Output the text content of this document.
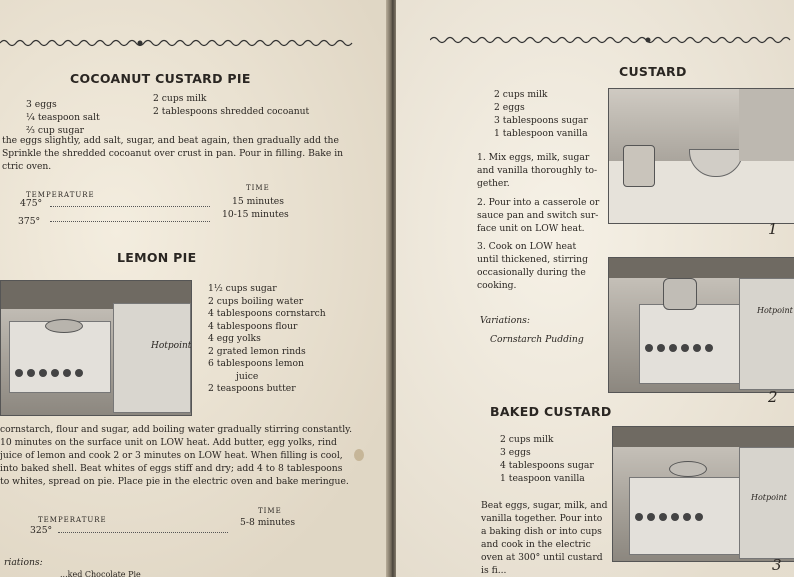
COCOANUT CUSTARD PIE
3 eggs
¼ teaspoon salt
⅔ cup sugar
2 cups milk
2 tablespoons shredded cocoanut
the eggs slightly, add salt, sugar, and beat again, then gradually add the
Sprinkle the shredded cocoanut over crust in pan. Pour in filling. Bake in
ctric oven.
TEMPERATURE
TIME
475°	15 minutes
375°
10-15 minutes
LEMON PIE
Hotpoint
1½ cups sugar
2 cups boiling water
4 tablespoons cornstarch
4 tablespoons flour
4 egg yolks
2 grated lemon rinds
6 tablespoons lemon
juice
2 teaspoons butter
cornstarch, flour and sugar, add boiling water gradually stirring constantly.
10 minutes on the surface unit on LOW heat. Add butter, egg yolks, rind
juice of lemon and cook 2 or 3 minutes on LOW heat. When filling is cool,
into baked shell. Beat whites of eggs stiff and dry; add 4 to 8 tablespoons
to whites, spread on pie. Place pie in the electric oven and bake meringue.
TEMPERATURE
TIME
325°
5-8 minutes
riations:
...ked Chocolate Pie
CUSTARD
2 cups milk
2 eggs
3 tablespoons sugar
1 tablespoon vanilla
1. Mix eggs, milk, sugar
and vanilla thoroughly to-
gether.
2. Pour into a casserole or
sauce pan and switch sur-
face unit on LOW heat.
3. Cook on LOW heat
until thickened, stirring
occasionally during the
cooking.
Variations:
Cornstarch Pudding
1
Hotpoint
2
BAKED CUSTARD
2 cups milk
3 eggs
4 tablespoons sugar
1 teaspoon vanilla
Beat eggs, sugar, milk, and
vanilla together. Pour into
a baking dish or into cups
and cook in the electric
oven at 300° until custard
is fi...
Hotpoint
3
